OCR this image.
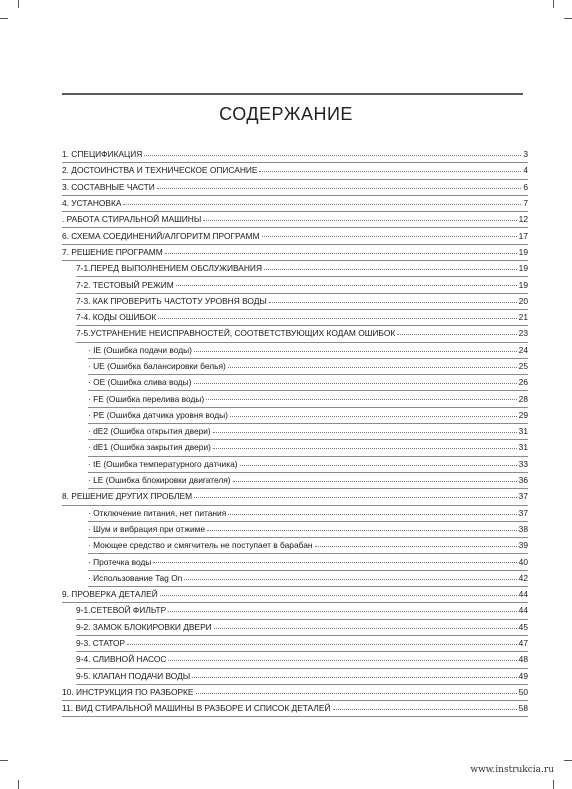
СОДЕРЖАНИЕ
1. СПЕЦИФИКАЦИЯ	3
2. ДОСТОИНСТВА И ТЕХНИЧЕСКОЕ ОПИСАНИЕ	4
3. СОСТАВНЫЕ ЧАСТИ	6
4. УСТАНОВКА	7
. РАБОТА СТИРАЛЬНОЙ МАШИНЫ	12
6. СХЕМА СОЕДИНЕНИЙ/АЛГОРИТМ ПРОГРАММ	17
7. РЕШЕНИЕ ПРОГРАММ	19
7-1.ПЕРЕД ВЫПОЛНЕНИЕМ ОБСЛУЖИВАНИЯ	19
7-2. ТЕСТОВЫЙ РЕЖИМ	19
7-3. КАК ПРОВЕРИТЬ ЧАСТОТУ УРОВНЯ ВОДЫ	20
7-4. КОДЫ ОШИБОК	21
7-5.УСТРАНЕНИЕ НЕИСПРАВНОСТЕЙ, СООТВЕТСТВУЮЩИХ КОДАМ ОШИБОК	23
· IE (Ошибка подачи воды)	24
· UE (Ошибка балансировки белья)	25
· OE (Ошибка слива воды)	26
· FE (Ошибка перелива воды)	28
· PE (Ошибка датчика уровня воды)	29
· dE2 (Ошибка открытия двери)	31
· dE1 (Ошибка закрытия двери)	31
· tE (Ошибка температурного датчика)	33
· LE (Ошибка блокировки двигателя)	36
8. РЕШЕНИЕ ДРУГИХ ПРОБЛЕМ	37
· Отключение питания, нет питания	37
· Шум и вибрация при отжиме	38
· Моющее средство и смягчитель не поступает в барабан	39
· Протечка воды	40
· Использование Tag On	42
9. ПРОВЕРКА ДЕТАЛЕЙ	44
9-1.СЕТЕВОЙ ФИЛЬТР	44
9-2. ЗАМОК БЛОКИРОВКИ ДВЕРИ	45
9-3. СТАТОР	47
9-4. СЛИВНОЙ НАСОС	48
9-5. КЛАПАН ПОДАЧИ ВОДЫ	49
10. ИНСТРУКЦИЯ ПО РАЗБОРКЕ	50
11. ВИД СТИРАЛЬНОЙ МАШИНЫ В РАЗБОРЕ И СПИСОК ДЕТАЛЕЙ	58
www.instrukcia.ru
